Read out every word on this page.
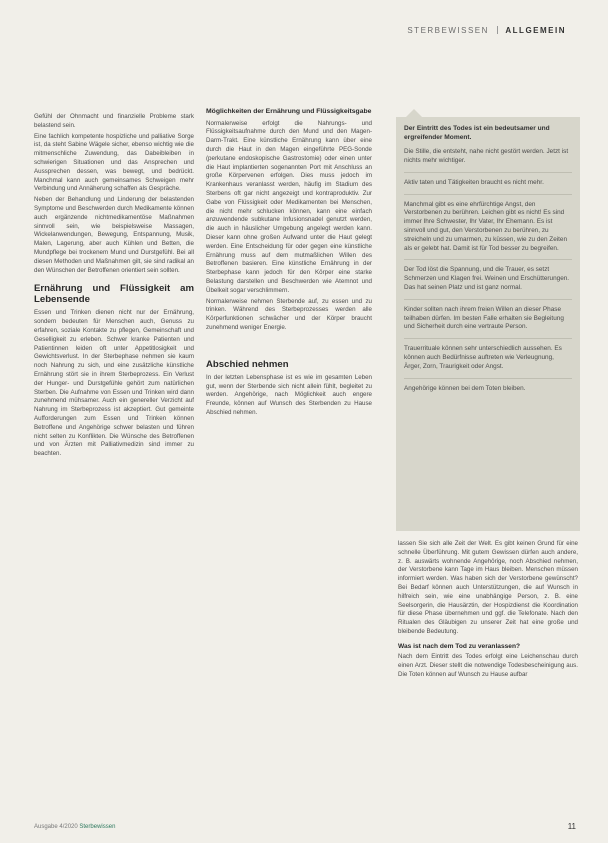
STERBEWISSEN ALLGEMEIN

Gefühl der Ohnmacht und finanzielle Probleme stark belastend sein.

Eine fachlich kompetente hospizliche und palliative Sorge ist, da steht Sabine Wägele sicher, ebenso wichtig wie die mitmenschliche Zuwendung, das Dabeibleiben in schwierigen Situationen und das Ansprechen und Aussprechen dessen, was bewegt, und bedrückt. Manchmal kann auch gemeinsames Schweigen mehr Verbindung und Annäherung schaffen als Gespräche.

Neben der Behandlung und Linderung der belastenden Symptome und Beschwerden durch Medikamente können auch ergänzende nichtmedikamentöse Maßnahmen sinnvoll sein, wie beispielsweise Massagen, Wickelanwendungen, Bewegung, Entspannung, Musik, Malen, Lagerung, aber auch Kühlen und Betten, die Mundpflege bei trockenem Mund und Durstgefühl. Bei all diesen Methoden und Maßnahmen gilt, sie sind radikal an den Wünschen der Betroffenen orientiert sein sollten.

Ernährung und Flüssigkeit am Lebensende

Essen und Trinken dienen nicht nur der Ernährung, sondern bedeuten für Menschen auch, Genuss zu erfahren, soziale Kontakte zu pflegen, Gemeinschaft und Geselligkeit zu erleben. Schwer kranke Patienten und Patientinnen leiden oft unter Appetitlosigkeit und Gewichtsverlust. In der Sterbephase nehmen sie kaum noch Nahrung zu sich, und eine zusätzliche künstliche Ernährung stört sie in ihrem Sterbeprozess. Ein Verlust der Hunger- und Durstgefühle gehört zum natürlichen Sterben. Die Aufnahme von Essen und Trinken wird dann zunehmend mühsamer. Auch ein genereller Verzicht auf Nahrung im Sterbeprozess ist akzeptiert. Gut gemeinte Aufforderungen zum Essen und Trinken können Betroffene und Angehörige schwer belasten und führen nicht selten zu Konflikten. Die Wünsche des Betroffenen und von Ärzten mit Palliativmedizin sind immer zu beachten.

Möglichkeiten der Ernährung und Flüssigkeitsgabe

Normalerweise erfolgt die Nahrungs- und Flüssigkeitsaufnahme durch den Mund und den Magen-Darm-Trakt. Eine künstliche Ernährung kann über eine durch die Haut in den Magen eingeführte PEG-Sonde (perkutane endoskopische Gastrostomie) oder einen unter die Haut implantierten sogenannten Port mit Anschluss an große Körpervenen erfolgen. Dies muss jedoch im Krankenhaus veranlasst werden, häufig im Stadium des Sterbens oft gar nicht angezeigt und kontraproduktiv. Zur Gabe von Flüssigkeit oder Medikamenten bei Menschen, die nicht mehr schlucken können, kann eine einfach anzuwendende subkutane Infusionsnadel genutzt werden, die auch in häuslicher Umgebung angelegt werden kann. Dieser kann ohne großen Aufwand unter die Haut gelegt werden. Eine Entscheidung für oder gegen eine künstliche Ernährung muss auf dem mutmaßlichen Willen des Betroffenen basieren. Eine künstliche Ernährung in der Sterbephase kann jedoch für den Körper eine starke Belastung darstellen und Beschwerden wie Atemnot und Übelkeit sogar verschlimmern.

Normalerweise nehmen Sterbende auf, zu essen und zu trinken. Während des Sterbeprozesses werden alle Körperfunktionen schwächer und der Körper braucht zunehmend weniger Energie.

Abschied nehmen

In der letzten Lebensphase ist es wie im gesamten Leben gut, wenn der Sterbende sich nicht allein fühlt, begleitet zu werden. Angehörige, nach Möglichkeit auch engere Freunde, können auf Wunsch des Sterbenden zu Hause Abschied nehmen.

Der Eintritt des Todes ist ein bedeutsamer und ergreifender Moment.
Die Stille, die entsteht, nahe nicht gestört werden. Jetzt ist nichts mehr wichtiger.
Aktiv taten und Tätigkeiten braucht es nicht mehr.
Manchmal gibt es eine ehrfürchtige Angst, den Verstorbenen zu berühren. Leichen gibt es nicht! Es sind immer Ihre Schwester, Ihr Vater, Ihr Ehemann. Es ist sinnvoll und gut, den Verstorbenen zu berühren, zu streicheln und zu umarmen, zu küssen, wie zu den Zeiten als er gelebt hat. Damit ist für Tod besser zu begreifen.
Der Tod löst die Spannung, und die Trauer, es setzt Schmerzen und Klagen frei. Weinen und Erschütterungen. Das hat seinen Platz und ist ganz normal.
Kinder sollten nach ihrem freien Willen an dieser Phase teilhaben dürfen. Im besten Falle erhalten sie Begleitung und Sicherheit durch eine vertraute Person.
Trauerrituale können sehr unterschiedlich aussehen. Es können auch Bedürfnisse auftreten wie Verleugnung, Ärger, Zorn, Traurigkeit oder Angst.
Angehörige können bei dem Toten bleiben.

lassen Sie sich alle Zeit der Welt. Es gibt keinen Grund für eine schnelle Überführung. Mit gutem Gewissen dürfen auch andere, z. B. auswärts wohnende Angehörige, noch Abschied nehmen, der Verstorbene kann Tage im Haus bleiben. Menschen müssen informiert werden. Was haben sich der Verstorbene gewünscht? Bei Bedarf können auch Unterstützungen, die auf Wunsch in hilfreich sein, wie eine unabhängige Person, z. B. eine Seelsorgerin, die Hausärztin, der Hospizdienst die Koordination für diese Phase übernehmen und ggf. die Telefonate. Nach den Ritualen des Gläubigen zu unserer Zeit hat eine große und bleibende Bedeutung.

Was ist nach dem Tod zu veranlassen?

Nach dem Eintritt des Todes erfolgt eine Leichenschau durch einen Arzt. Dieser stellt die notwendige Todesbescheinigung aus. Die Toten können auf Wunsch zu Hause aufbar

Ausgabe 4/2020 Sterbewissen	11
